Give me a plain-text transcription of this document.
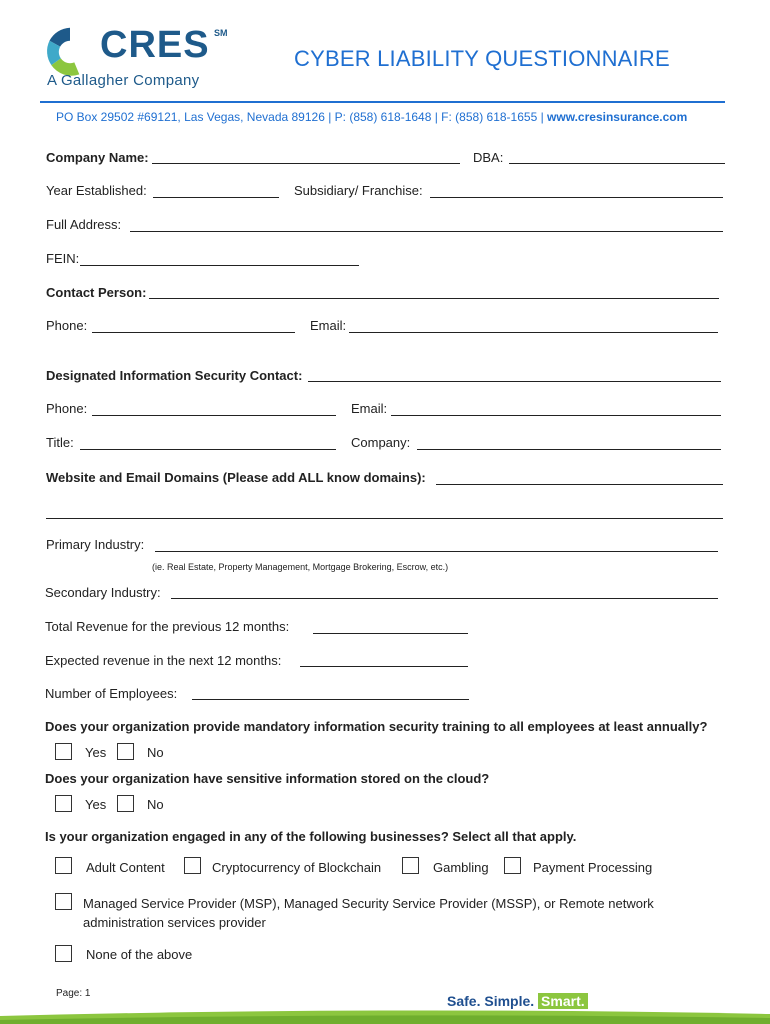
CRES SM
A Gallagher Company
CYBER LIABILITY QUESTIONNAIRE
PO Box 29502 #69121, Las Vegas, Nevada 89126 | P: (858) 618-1648 | F: (858) 618-1655 | www.cresinsurance.com
Company Name:	DBA:
Year Established:	Subsidiary/ Franchise:
Full Address:
FEIN:
Contact Person:
Phone:	Email:
Designated Information Security Contact:
Phone:	Email:
Title:	Company:
Website and Email Domains (Please add ALL know domains):
Primary Industry:
(ie. Real Estate, Property Management, Mortgage Brokering, Escrow, etc.)
Secondary Industry:
Total Revenue for the previous 12 months:
Expected revenue in the next 12 months:
Number of Employees:
Does your organization provide mandatory information security training to all employees at least annually?
Yes	No
Does your organization have sensitive information stored on the cloud?
Yes	No
Is your organization engaged in any of the following businesses? Select all that apply.
Adult Content	Cryptocurrency of Blockchain	Gambling	Payment Processing
Managed Service Provider (MSP), Managed Security Service Provider (MSSP), or Remote network
administration services provider
None of the above
Page: 1	Safe. Simple. Smart.
